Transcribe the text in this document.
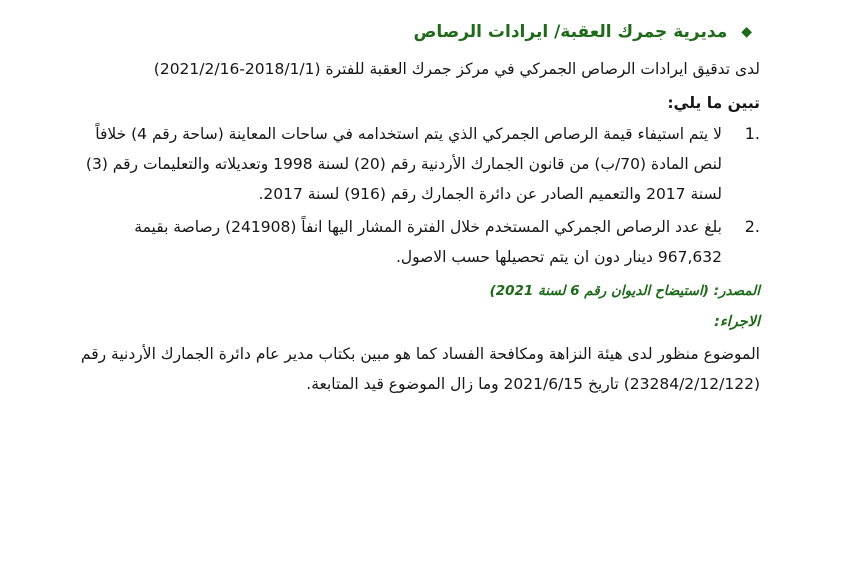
◆
مديرية جمرك العقبة/ ايرادات الرصاص
لدى تدقيق ايرادات الرصاص الجمركي في مركز جمرك العقبة للفترة (2018/1/1-2021/2/16)
تبين ما يلي:
1.
لا يتم استيفاء قيمة الرصاص الجمركي الذي يتم استخدامه في ساحات المعاينة (ساحة رقم 4) خلافاً
لنص المادة (70/ب) من قانون الجمارك الأردنية رقم (20) لسنة 1998 وتعديلاته والتعليمات رقم (3)
لسنة 2017 والتعميم الصادر عن دائرة الجمارك رقم (916) لسنة 2017.
2.
بلغ عدد الرصاص الجمركي المستخدم خلال الفترة المشار اليها انفاً (241908) رصاصة بقيمة
967,632 دينار دون ان يتم تحصيلها حسب الاصول.
المصدر: (استيضاح الديوان رقم 6 لسنة 2021)
الاجراء:
الموضوع منظور لدى هيئة النزاهة ومكافحة الفساد كما هو مبين بكتاب مدير عام دائرة الجمارك الأردنية رقم
(23284/2/12/122) تاريخ 2021/6/15 وما زال الموضوع قيد المتابعة.
